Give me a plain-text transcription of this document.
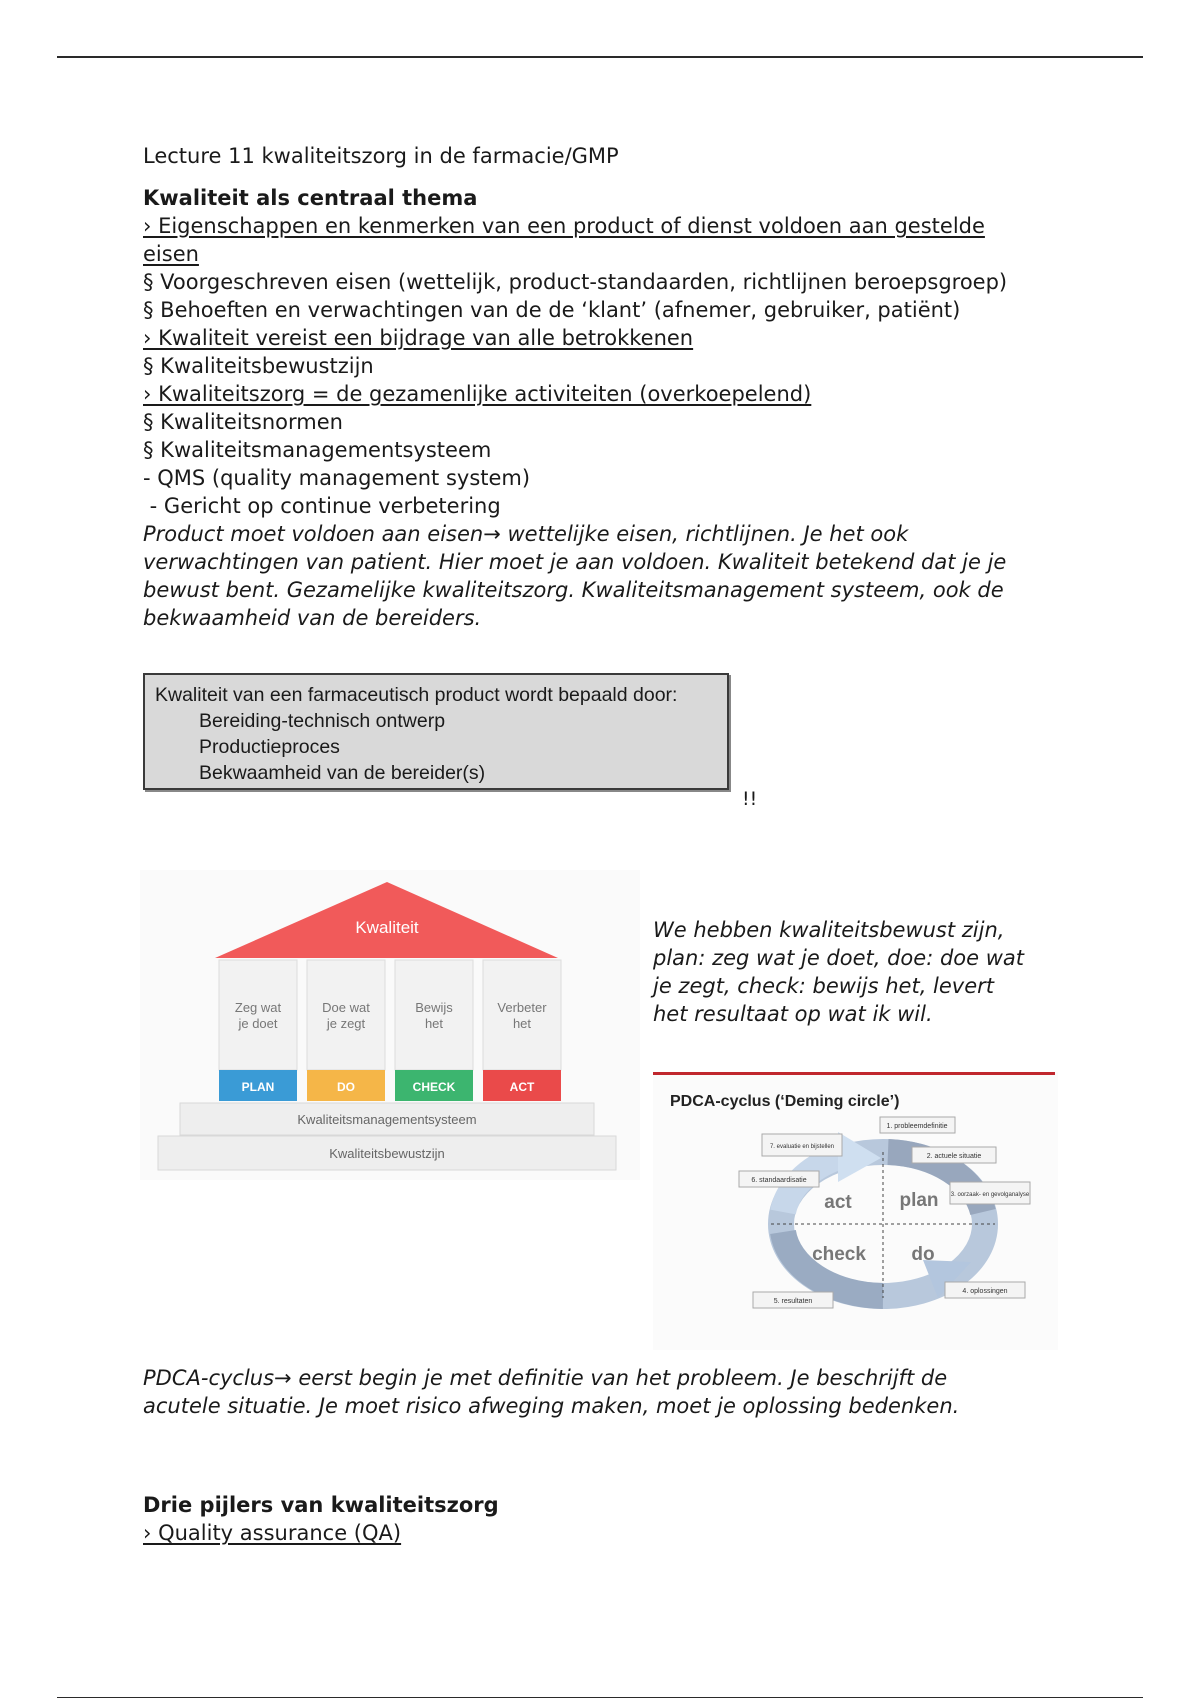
Lecture 11 kwaliteitszorg in de farmacie/GMP
Kwaliteit als centraal thema
› Eigenschappen en kenmerken van een product of dienst voldoen aan gestelde
eisen
§ Voorgeschreven eisen (wettelijk, product-standaarden, richtlijnen beroepsgroep)
§ Behoeften en verwachtingen van de de ‘klant’ (afnemer, gebruiker, patiënt)
› Kwaliteit vereist een bijdrage van alle betrokkenen
§ Kwaliteitsbewustzijn
› Kwaliteitszorg = de gezamenlijke activiteiten (overkoepelend)
§ Kwaliteitsnormen
§ Kwaliteitsmanagementsysteem
- QMS (quality management system)
- Gericht op continue verbetering
Product moet voldoen aan eisen→ wettelijke eisen, richtlijnen. Je het ook
verwachtingen van patient. Hier moet je aan voldoen. Kwaliteit betekend dat je je
bewust bent. Gezamelijke kwaliteitszorg. Kwaliteitsmanagement systeem, ook de
bekwaamheid van de bereiders.
Kwaliteit van een farmaceutisch product wordt bepaald door:
Bereiding-technisch ontwerp
Productieproces
Bekwaamheid van de bereider(s)
!!
Kwaliteit
Zeg wat
je doet
PLAN
Doe wat
je zegt
DO
Bewijs
het
CHECK
Verbeter
het
ACT
Kwaliteitsmanagementsysteem
Kwaliteitsbewustzijn
We hebben kwaliteitsbewust zijn,
plan: zeg wat je doet, doe: doe wat
je zegt, check: bewijs het, levert
het resultaat op wat ik wil.
PDCA-cyclus (‘Deming circle’)
act	plan
check do
1. probleemdefinitie
2. actuele situatie
3. oorzaak- en gevolganalyse
4. oplossingen
5. resultaten
6. standaardisatie
7. evaluatie en bijstellen
PDCA-cyclus→ eerst begin je met definitie van het probleem. Je beschrijft de
acutele situatie. Je moet risico afweging maken, moet je oplossing bedenken.
Drie pijlers van kwaliteitszorg
› Quality assurance (QA)
